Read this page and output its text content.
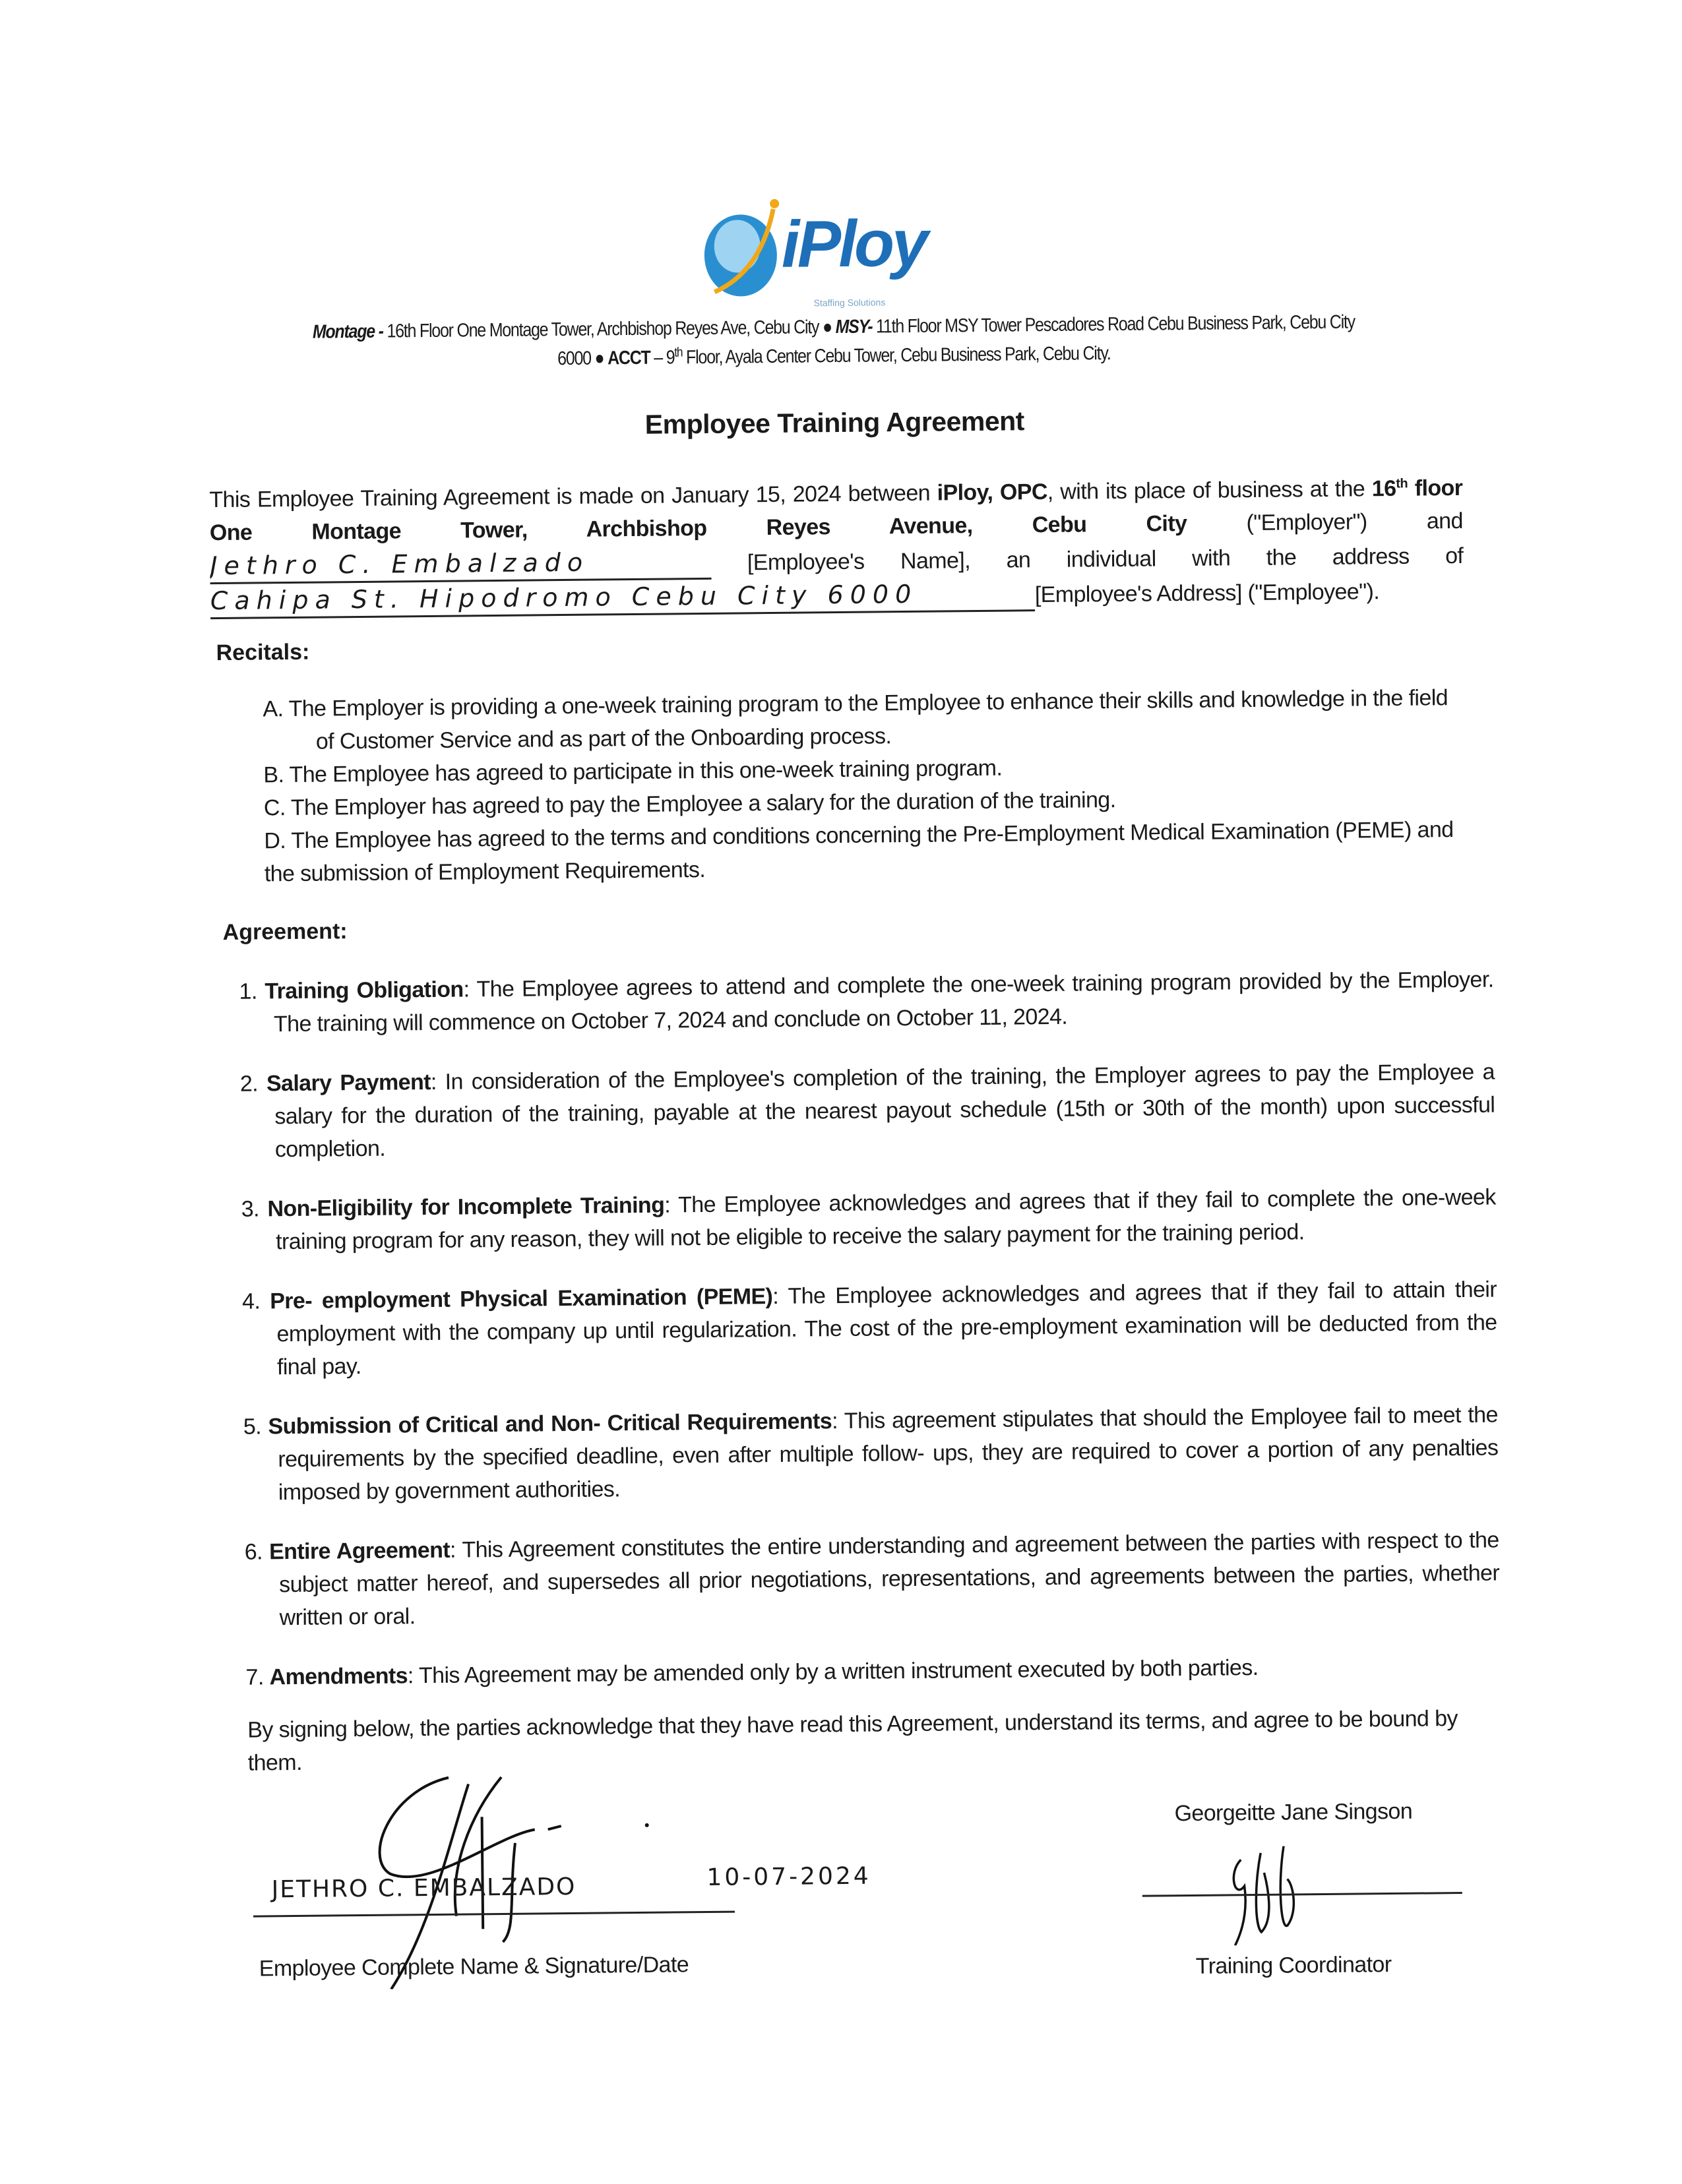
iPloy
Staffing Solutions
Montage - 16th Floor One Montage Tower, Archbishop Reyes Ave, Cebu City ● MSY- 11th Floor MSY Tower Pescadores Road Cebu Business Park, Cebu City
6000 ● ACCT – 9th Floor, Ayala Center Cebu Tower, Cebu Business Park, Cebu City.
Employee Training Agreement
This Employee Training Agreement is made on January 15, 2024 between iPloy, OPC, with its place of business at the 16th floor One Montage Tower, Archbishop Reyes Avenue, Cebu City ("Employer") and Jethro C. Embalzado	[Employee's Name], an individual with the address of Cahipa St. Hipodromo Cebu City 6000	[Employee's Address] ("Employee").
Recitals:
A. The Employer is providing a one-week training program to the Employee to enhance their skills and knowledge in the field of Customer Service and as part of the Onboarding process.
B. The Employee has agreed to participate in this one-week training program.
C. The Employer has agreed to pay the Employee a salary for the duration of the training.
D. The Employee has agreed to the terms and conditions concerning the Pre-Employment Medical Examination (PEME) and the submission of Employment Requirements.
Agreement:
1. Training Obligation: The Employee agrees to attend and complete the one-week training program provided by the Employer. The training will commence on October 7, 2024 and conclude on October 11, 2024.
2. Salary Payment: In consideration of the Employee's completion of the training, the Employer agrees to pay the Employee a salary for the duration of the training, payable at the nearest payout schedule (15th or 30th of the month) upon successful completion.
3. Non-Eligibility for Incomplete Training: The Employee acknowledges and agrees that if they fail to complete the one-week training program for any reason, they will not be eligible to receive the salary payment for the training period.
4. Pre- employment Physical Examination (PEME): The Employee acknowledges and agrees that if they fail to attain their employment with the company up until regularization. The cost of the pre-employment examination will be deducted from the final pay.
5. Submission of Critical and Non- Critical Requirements: This agreement stipulates that should the Employee fail to meet the requirements by the specified deadline, even after multiple follow- ups, they are required to cover a portion of any penalties imposed by government authorities.
6. Entire Agreement: This Agreement constitutes the entire understanding and agreement between the parties with respect to the subject matter hereof, and supersedes all prior negotiations, representations, and agreements between the parties, whether written or oral.
7. Amendments: This Agreement may be amended only by a written instrument executed by both parties.
By signing below, the parties acknowledge that they have read this Agreement, understand its terms, and agree to be bound by them.
JETHRO C. EMBALZADO	10-07-2024
Employee Complete Name & Signature/Date
Georgeitte Jane Singson
Training Coordinator
